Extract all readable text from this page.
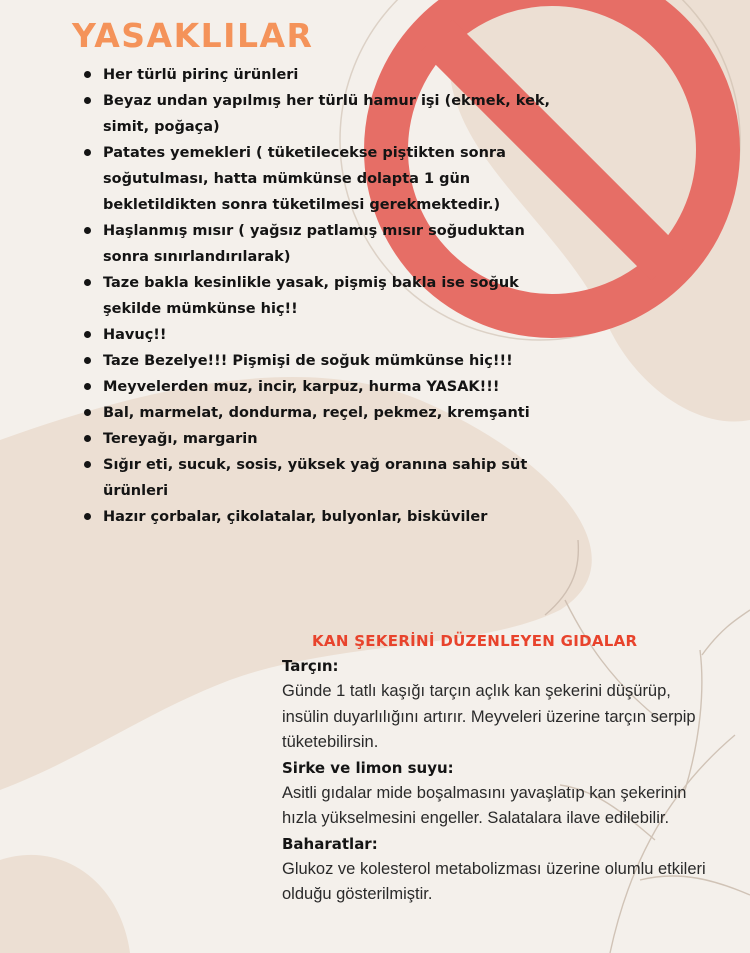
YASAKLILAR
Her türlü pirinç ürünleri
Beyaz undan yapılmış her türlü hamur işi (ekmek, kek, simit, poğaça)
Patates yemekleri ( tüketilecekse piştikten sonra soğutulması, hatta mümkünse dolapta 1 gün bekletildikten sonra tüketilmesi gerekmektedir.)
Haşlanmış mısır ( yağsız patlamış mısır soğuduktan sonra sınırlandırılarak)
Taze bakla kesinlikle yasak, pişmiş bakla ise soğuk şekilde mümkünse hiç!!
Havuç!!
Taze Bezelye!!! Pişmişi de soğuk mümkünse hiç!!!
Meyvelerden muz, incir, karpuz, hurma YASAK!!!
Bal, marmelat, dondurma, reçel, pekmez, kremşanti
Tereyağı, margarin
Sığır eti, sucuk, sosis, yüksek yağ oranına sahip süt ürünleri
Hazır çorbalar, çikolatalar, bulyonlar, bisküviler
KAN ŞEKERİNİ DÜZENLEYEN GIDALAR
Tarçın:

Günde 1 tatlı kaşığı tarçın açlık kan şekerini düşürüp, insülin duyarlılığını artırır. Meyveleri üzerine tarçın serpip tüketebilirsin.

Sirke ve limon suyu:

Asitli gıdalar mide boşalmasını yavaşlatıp kan şekerinin hızla yükselmesini engeller. Salatalara ilave edilebilir.

Baharatlar:

Glukoz ve kolesterol metabolizması üzerine olumlu etkileri olduğu gösterilmiştir.
